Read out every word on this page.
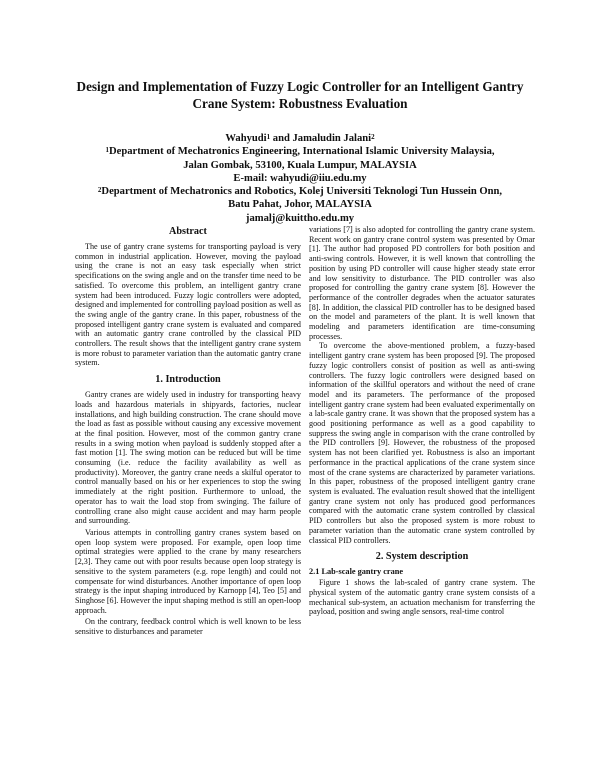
Design and Implementation of Fuzzy Logic Controller for an Intelligent Gantry
Crane System: Robustness Evaluation
Wahyudi$^1$ and Jamaludin Jalani$^2$
$^1$Department of Mechatronics Engineering, International Islamic University Malaysia,
Jalan Gombak, 53100, Kuala Lumpur, MALAYSIA
E-mail: wahyudi@iiu.edu.my
$^2$Department of Mechatronics and Robotics, Kolej Universiti Teknologi Tun Hussein Onn,
Batu Pahat, Johor, MALAYSIA
jamalj@kuittho.edu.my
Abstract

The use of gantry crane systems for transporting payload is very common in industrial application. However, moving the payload using the crane is not an easy task especially when strict specifications on the swing angle and on the transfer time need to be satisfied. To overcome this problem, an intelligent gantry crane system had been introduced. Fuzzy logic controllers were adopted, designed and implemented for controlling payload position as well as the swing angle of the gantry crane. In this paper, robustness of the proposed intelligent gantry crane system is evaluated and compared with an automatic gantry crane controlled by the classical PID controllers. The result shows that the intelligent gantry crane system is more robust to parameter variation than the automatic gantry crane system.

1. Introduction

Gantry cranes are widely used in industry for transporting heavy loads and hazardous materials in shipyards, factories, nuclear installations, and high building construction. The crane should move the load as fast as possible without causing any excessive movement at the final position. However, most of the common gantry crane results in a swing motion when payload is suddenly stopped after a fast motion [1]. The swing motion can be reduced but will be time consuming (i.e. reduce the facility availability as well as productivity). Moreover, the gantry crane needs a skilful operator to control manually based on his or her experiences to stop the swing immediately at the right position. Furthermore to unload, the operator has to wait the load stop from swinging. The failure of controlling crane also might cause accident and may harm people and surrounding.

Various attempts in controlling gantry cranes system based on open loop system were proposed. For example, open loop time optimal strategies were applied to the crane by many researchers [2,3]. They came out with poor results because open loop strategy is sensitive to the system parameters (e.g. rope length) and could not compensate for wind disturbances. Another importance of open loop strategy is the input shaping introduced by Karnopp [4], Teo [5] and Singhose [6]. However the input shaping method is still an open-loop approach.

On the contrary, feedback control which is well known to be less sensitive to disturbances and parameter

variations [7] is also adopted for controlling the gantry crane system. Recent work on gantry crane control system was presented by Omar [1]. The author had proposed PD controllers for both position and anti-swing controls. However, it is well known that controlling the position by using PD controller will cause higher steady state error and low sensitivity to disturbance. The PID controller was also proposed for controlling the gantry crane system [8]. However the performance of the controller degrades when the actuator saturates [8]. In addition, the classical PID controller has to be designed based on the model and parameters of the plant. It is well known that modeling and parameters identification are time-consuming processes.

To overcome the above-mentioned problem, a fuzzy-based intelligent gantry crane system has been proposed [9]. The proposed fuzzy logic controllers consist of position as well as anti-swing controllers. The fuzzy logic controllers were designed based on information of the skillful operators and without the need of crane model and its parameters. The performance of the proposed intelligent gantry crane system had been evaluated experimentally on a lab-scale gantry crane. It was shown that the proposed system has a good positioning performance as well as a good capability to suppress the swing angle in comparison with the crane controlled by the PID controllers [9]. However, the robustness of the proposed system has not been clarified yet. Robustness is also an important performance in the practical applications of the crane system since most of the crane systems are characterized by parameter variations. In this paper, robustness of the proposed intelligent gantry crane system is evaluated. The evaluation result showed that the intelligent gantry crane system not only has produced good performances compared with the automatic crane system controlled by classical PID controllers but also the proposed system is more robust to parameter variation than the automatic crane system controlled by classical PID controllers.

2. System description
2.1 Lab-scale gantry crane

Figure 1 shows the lab-scaled of gantry crane system. The physical system of the automatic gantry crane system consists of a mechanical sub-system, an actuation mechanism for transferring the payload, position and swing angle sensors, real-time control
